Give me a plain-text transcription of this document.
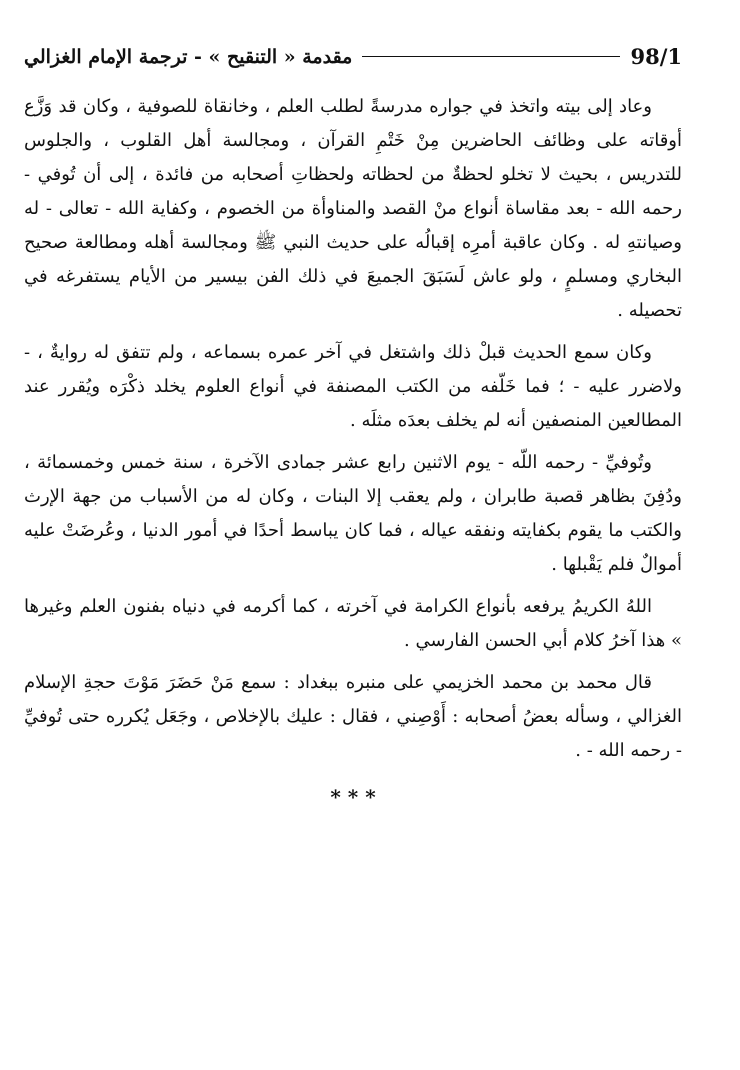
98/1
مقدمة « التنقيح » - ترجمة الإمام الغزالي

وعاد إلى بيته واتخذ في جواره مدرسةً لطلب العلم ، وخانقاة للصوفية ، وكان قد وَزَّع أوقاته على وظائف الحاضرين مِنْ خَتْمِ القرآن ، ومجالسة أهل القلوب ، والجلوس للتدريس ، بحيث لا تخلو لحظةٌ من لحظاته ولحظاتِ أصحابه من فائدة ، إلى أن تُوفي - رحمه الله - بعد مقاساة أنواع منْ القصد والمناوأة من الخصوم ، وكفاية الله - تعالى - له وصيانتهِ له . وكان عاقبة أمرِه إقبالُه على حديث النبي ﷺ ومجالسة أهله ومطالعة صحيح البخاري ومسلمٍ ، ولو عاش لَسَبَقَ الجميعَ في ذلك الفن بيسير من الأيام يستفرغه في تحصيله .

وكان سمع الحديث قبلْ ذلك واشتغل في آخر عمره بسماعه ، ولم تتفق له روايةٌ ، - ولاضرر عليه - ؛ فما خَلّفه من الكتب المصنفة في أنواع العلوم يخلد ذكْرَه ويُقرر عند المطالعين المنصفين أنه لم يخلف بعدَه مثلَه .

وتُوفيِّ - رحمه اللّه - يوم الاثنين رابع عشر جمادى الآخرة ، سنة خمس وخمسمائة ، ودُفِنَ بظاهر قصبة طابران ، ولم يعقب إلا البنات ، وكان له من الأسباب من جهة الإرث والكتب ما يقوم بكفايته ونفقه عياله ، فما كان يباسط أحدًا في أمور الدنيا ، وعُرضَتْ عليه أموالٌ فلم يَقْبلها .

اللهُ الكريمُ يرفعه بأنواع الكرامة في آخرته ، كما أكرمه في دنياه بفنون العلم وغيرها » هذا آخرُ كلام أبي الحسن الفارسي .

قال محمد بن محمد الخزيمي على منبره ببغداد : سمع مَنْ حَضَرَ مَوْتَ حجةِ الإسلام الغزالي ، وسأله بعضُ أصحابه : أَوْصِني ، فقال : عليك بالإخلاص ، وجَعَل يُكرره حتى تُوفيِّ - رحمه الله - .

* * *
